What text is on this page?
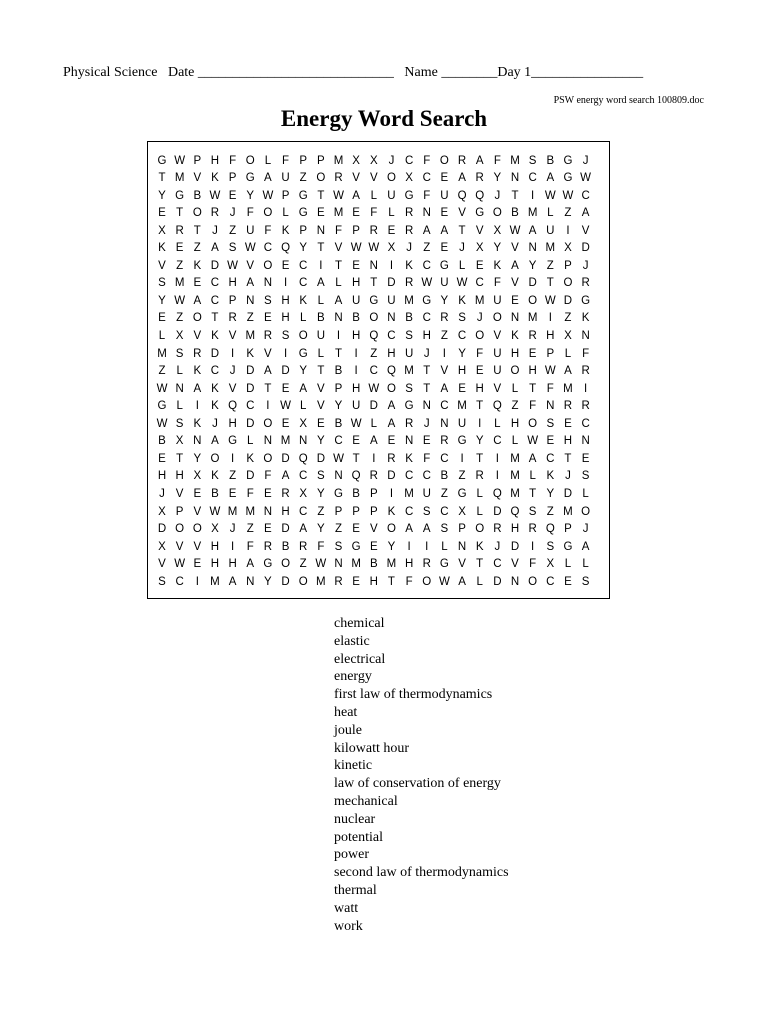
Physical Science   Date ____________________________   Name ________Day 1________________
PSW energy word search 100809.doc
Energy Word Search
G W P H F O L F P P M X X J C F O R A F M S B G J
T M V K P G A U Z O R V V O X C E A R Y N C A G W
Y G B W E Y W P G T W A L U G F U Q Q J T	I W W C
E T O R J F O L G E M E F L R N E V G O B M L Z A
X R T J Z U F K P N F P R E R A A T V X W A U	I	V
K E Z A S W C Q Y T V W W X J Z E J X Y V N M X D
V Z K D W V O E C	I	T E N	I	K C G L E K A Y Z P J
S M E C H A N	I	C A L H T D R W U W C F V D T O R
Y W A C P N S H K L A U G U M G Y K M U E O W D G
E Z O T R Z E H L B N B O N B C R S J O N M I	Z K
L X V K V M R S O U	I	H Q C S H Z C O V K R H X N
M S R D	I	K V	I	G L T	I	Z H U J	I	Y F U H E P L F
Z L K C J D A D Y T B	I	C Q M T V H E U O H W A R
W N A K V D T E A V P H W O S T A E H V L T F M I
G L	I	K Q C	I W L V Y U D A G N C M T Q Z F N R R
W S K J H D O E X E B W L A R J N U	I	L H O S E C
B X N A G L N M N Y C E A E N E R G Y C L W E H N
E T Y O	I	K O D Q D W T	I	R K F C	I	T	I M A C T E
H H X K Z D F A C S N Q R D C C B Z R	I M L K J S
J V E B E F E R X Y G B P	I M U Z G L Q M T Y D L
X P V W M M N H C Z P P P K C S C X L D Q S Z M O
D O O X J Z E D A Y Z E V O A A S P O R H R Q P J
X V V H	I	F R B R F S G E Y	I	I	L N K J D	I	S G A
V W E H H A G O Z W N M B M H R G V T C V F X L L
S C	I M A N Y D O M R E H T F O W A L D N O C E S
chemical
elastic
electrical
energy
first law of thermodynamics
heat
joule
kilowatt hour
kinetic
law of conservation of energy
mechanical
nuclear
potential
power
second law of thermodynamics
thermal
watt
work
